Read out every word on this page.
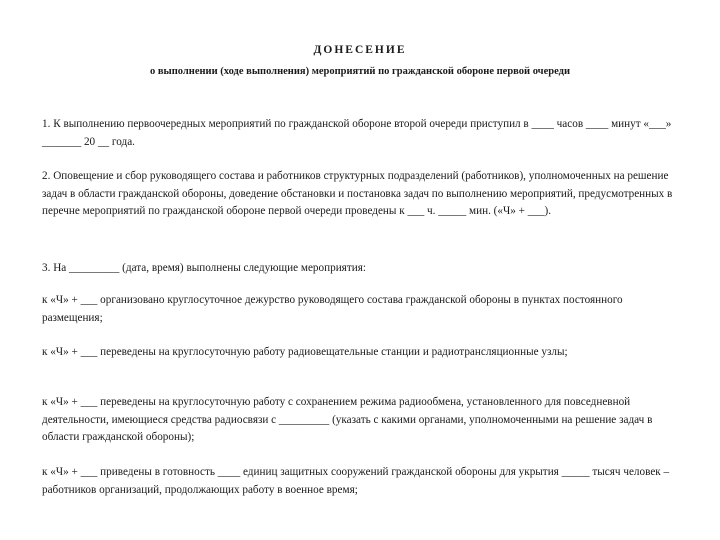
ДОНЕСЕНИЕ
о выполнении (ходе выполнения) мероприятий по гражданской обороне первой очереди
1. К выполнению первоочередных мероприятий по гражданской обороне второй очереди приступил в ____ часов ____ минут «___» _______ 20 __ года.
2. Оповещение и сбор руководящего состава и работников структурных подразделений (работников), уполномоченных на решение задач в области гражданской обороны, доведение обстановки и постановка задач по выполнению мероприятий, предусмотренных в перечне мероприятий по гражданской обороне первой очереди проведены к ___ ч. _____ мин. («Ч» + ___).
3. На _________ (дата, время) выполнены следующие мероприятия:
к «Ч» + ___ организовано круглосуточное дежурство руководящего состава гражданской обороны в пунктах постоянного размещения;
к «Ч» + ___ переведены на круглосуточную работу радиовещательные станции и радиотрансляционные узлы;
к «Ч» + ___ переведены на круглосуточную работу с сохранением режима радиообмена, установленного для повседневной деятельности, имеющиеся средства радиосвязи с _________ (указать с какими органами, уполномоченными на решение задач в области гражданской обороны);
к «Ч» + ___ приведены в готовность ____ единиц защитных сооружений гражданской обороны для укрытия _____ тысяч человек – работников организаций, продолжающих работу в военное время;
